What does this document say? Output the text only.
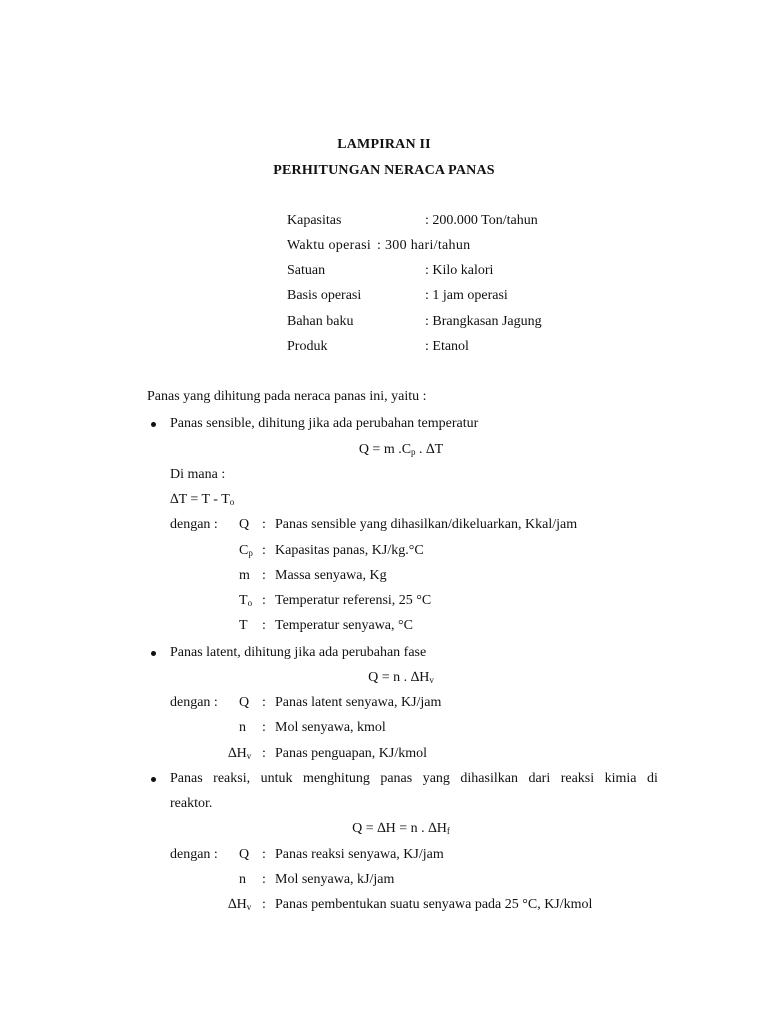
LAMPIRAN II
PERHITUNGAN NERACA PANAS
Kapasitas	: 200.000 Ton/tahun
Waktu operasi : 300 hari/tahun
Satuan	: Kilo kalori
Basis operasi	: 1 jam operasi
Bahan baku	: Brangkasan Jagung
Produk	: Etanol
Panas yang dihitung pada neraca panas ini, yaitu :
Panas sensible, dihitung jika ada perubahan temperatur
Q = m $.C_p$ . ∆T
Di mana :
$\Delta T = T - T_o$
dengan : Q : Panas sensible yang dihasilkan/dikeluarkan, Kkal/jam
$C_p$ : Kapasitas panas, KJ/kg.°C
m : Massa senyawa, Kg
$T_o$ : Temperatur referensi, 25 °C
T : Temperatur senyawa, °C
Panas latent, dihitung jika ada perubahan fase
Q = n . $\Delta H_v$
dengan : Q : Panas latent senyawa, KJ/jam
n : Mol senyawa, kmol
$\Delta H_v$ : Panas penguapan, KJ/kmol
Panas reaksi, untuk menghitung panas yang dihasilkan dari reaksi kimia di
reaktor.
Q = ∆H = n . $\Delta H_f$
dengan : Q : Panas reaksi senyawa, KJ/jam
n : Mol senyawa, kJ/jam
$\Delta H_v$ : Panas pembentukan suatu senyawa pada 25 °C, KJ/kmol
